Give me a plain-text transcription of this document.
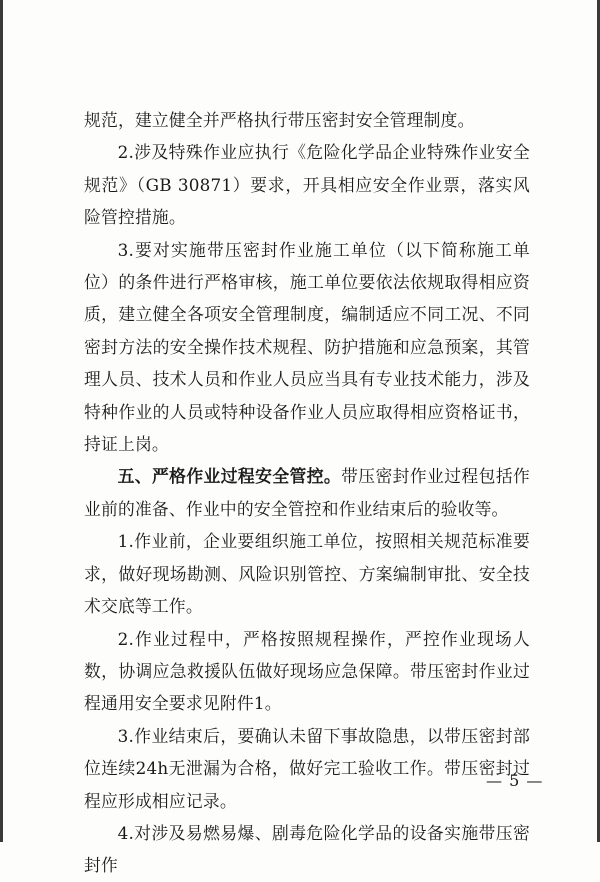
规范，建立健全并严格执行带压密封安全管理制度。

2.涉及特殊作业应执行《危险化学品企业特殊作业安全规范》（GB 30871）要求，开具相应安全作业票，落实风险管控措施。

3.要对实施带压密封作业施工单位（以下简称施工单位）的条件进行严格审核，施工单位要依法依规取得相应资质，建立健全各项安全管理制度，编制适应不同工况、不同密封方法的安全操作技术规程、防护措施和应急预案，其管理人员、技术人员和作业人员应当具有专业技术能力，涉及特种作业的人员或特种设备作业人员应取得相应资格证书，持证上岗。

五、严格作业过程安全管控。带压密封作业过程包括作业前的准备、作业中的安全管控和作业结束后的验收等。

1.作业前，企业要组织施工单位，按照相关规范标准要求，做好现场勘测、风险识别管控、方案编制审批、安全技术交底等工作。

2.作业过程中，严格按照规程操作，严控作业现场人数，协调应急救援队伍做好现场应急保障。带压密封作业过程通用安全要求见附件1。

3.作业结束后，要确认未留下事故隐患，以带压密封部位连续24h无泄漏为合格，做好完工验收工作。带压密封过程应形成相应记录。

4.对涉及易燃易爆、剧毒危险化学品的设备实施带压密封作

— 5 —
